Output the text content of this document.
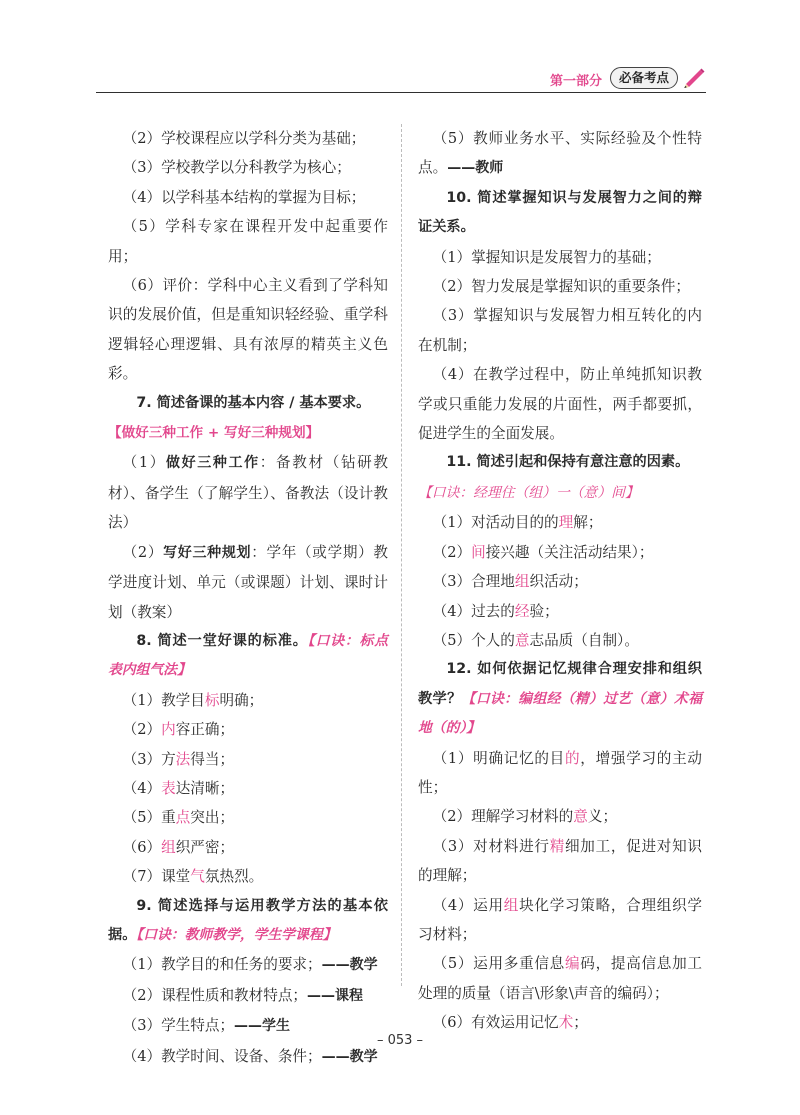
第一部分	必备考点

（2）学校课程应以学科分类为基础；

（3）学校教学以分科教学为核心；

（4）以学科基本结构的掌握为目标；

（5）学科专家在课程开发中起重要作用；

（6）评价：学科中心主义看到了学科知识的发展价值，但是重知识轻经验、重学科逻辑轻心理逻辑、具有浓厚的精英主义色彩。

7. 简述备课的基本内容 / 基本要求。

【做好三种工作 + 写好三种规划】

（1）做好三种工作：备教材（钻研教材）、备学生（了解学生）、备教法（设计教法）

（2）写好三种规划：学年（或学期）教学进度计划、单元（或课题）计划、课时计划（教案）

8. 简述一堂好课的标准。【口诀：标点表内组气法】

（1）教学目标明确；

（2）内容正确；

（3）方法得当；

（4）表达清晰；

（5）重点突出；

（6）组织严密；

（7）课堂气氛热烈。

9. 简述选择与运用教学方法的基本依据。【口诀：教师教学，学生学课程】

（1）教学目的和任务的要求；——教学

（2）课程性质和教材特点；——课程

（3）学生特点；——学生

（4）教学时间、设备、条件；——教学

（5）教师业务水平、实际经验及个性特点。——教师

10. 简述掌握知识与发展智力之间的辩证关系。

（1）掌握知识是发展智力的基础；

（2）智力发展是掌握知识的重要条件；

（3）掌握知识与发展智力相互转化的内在机制；

（4）在教学过程中，防止单纯抓知识教学或只重能力发展的片面性，两手都要抓，促进学生的全面发展。

11. 简述引起和保持有意注意的因素。

【口诀：经理住（组）一（意）间】

（1）对活动目的的理解；

（2）间接兴趣（关注活动结果）；

（3）合理地组织活动；

（4）过去的经验；

（5）个人的意志品质（自制）。

12. 如何依据记忆规律合理安排和组织教学？【口诀：编组经（精）过艺（意）术福地（的）】

（1）明确记忆的目的，增强学习的主动性；

（2）理解学习材料的意义；

（3）对材料进行精细加工，促进对知识的理解；

（4）运用组块化学习策略，合理组织学习材料；

（5）运用多重信息编码，提高信息加工处理的质量（语言\形象\声音的编码）；

（6）有效运用记忆术；

– 053 –
